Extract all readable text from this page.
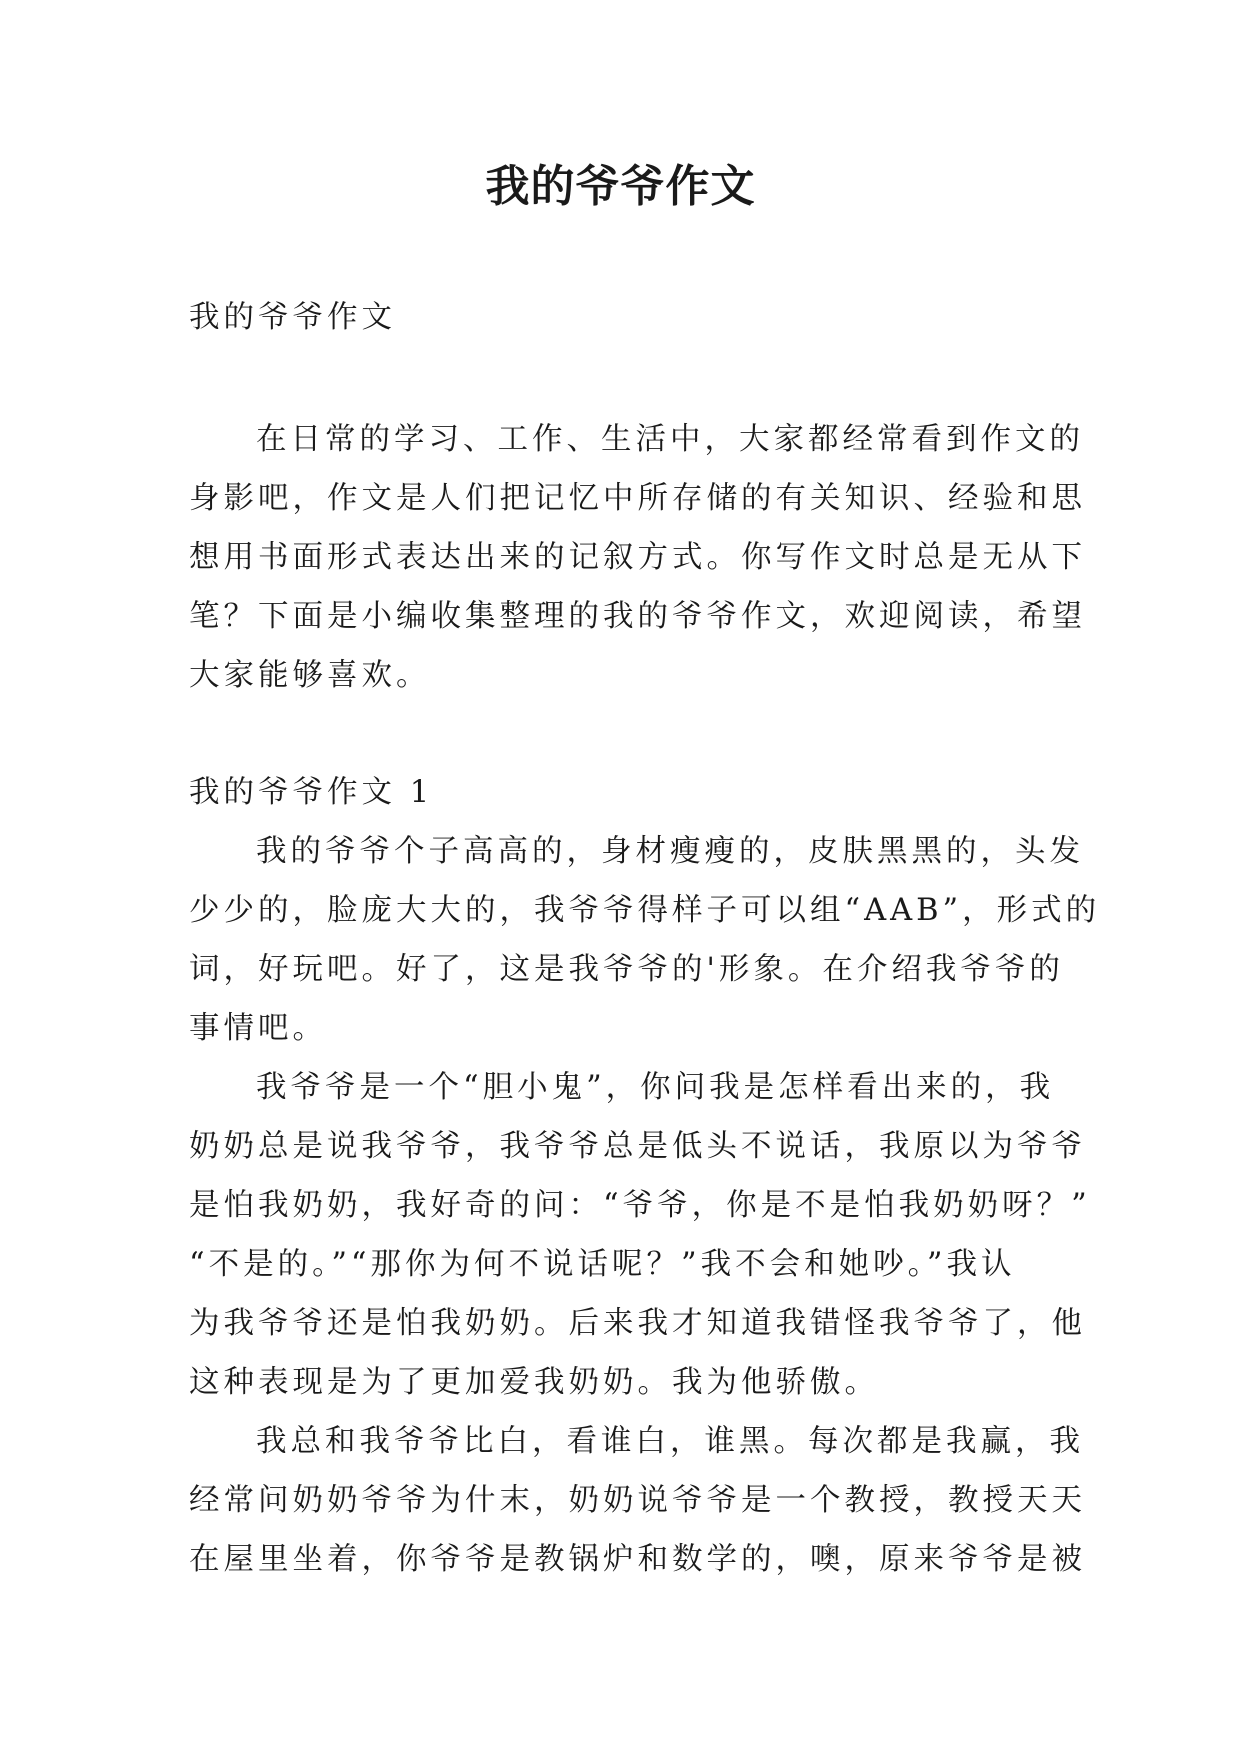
我的爷爷作文
我的爷爷作文
在日常的学习、工作、生活中，大家都经常看到作文的
身影吧，作文是人们把记忆中所存储的有关知识、经验和思
想用书面形式表达出来的记叙方式。你写作文时总是无从下
笔？下面是小编收集整理的我的爷爷作文，欢迎阅读，希望
大家能够喜欢。
我的爷爷作文 1
我的爷爷个子高高的，身材瘦瘦的，皮肤黑黑的，头发
少少的，脸庞大大的，我爷爷得样子可以组“AAB”，形式的
词，好玩吧。好了，这是我爷爷的'形象。在介绍我爷爷的
事情吧。
我爷爷是一个“胆小鬼”，你问我是怎样看出来的，我
奶奶总是说我爷爷，我爷爷总是低头不说话，我原以为爷爷
是怕我奶奶，我好奇的问：“爷爷，你是不是怕我奶奶呀？”
“不是的。”“那你为何不说话呢？”我不会和她吵。”我认
为我爷爷还是怕我奶奶。后来我才知道我错怪我爷爷了，他
这种表现是为了更加爱我奶奶。我为他骄傲。
我总和我爷爷比白，看谁白，谁黑。每次都是我赢，我
经常问奶奶爷爷为什末，奶奶说爷爷是一个教授，教授天天
在屋里坐着，你爷爷是教锅炉和数学的，噢，原来爷爷是被
